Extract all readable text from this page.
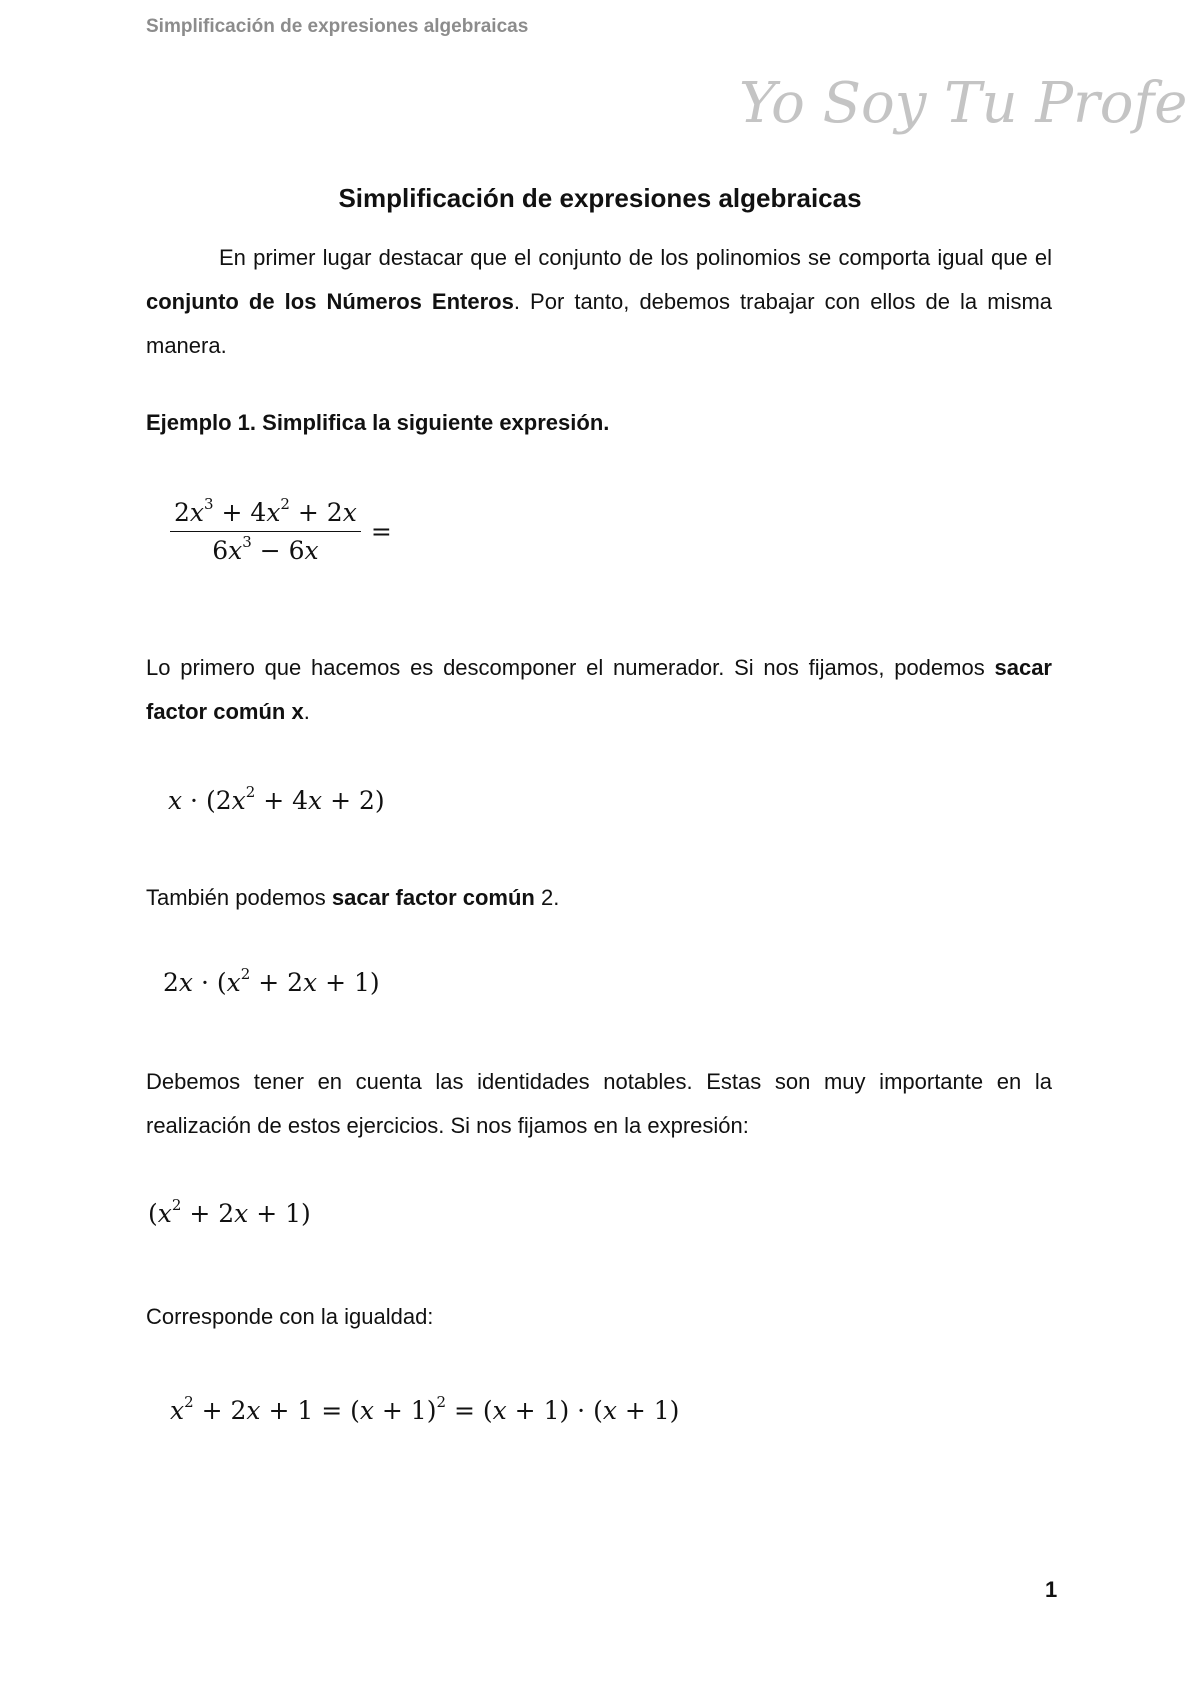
Simplificación de expresiones algebraicas
Yo Soy Tu Profe
Simplificación de expresiones algebraicas

En primer lugar destacar que el conjunto de los polinomios se comporta igual que el conjunto de los Números Enteros. Por tanto, debemos trabajar con ellos de la misma manera.

Ejemplo 1. Simplifica la siguiente expresión.
$\frac{2x^3 + 4x^2 + 2x}{6x^3 - 6x}$ =

Lo primero que hacemos es descomponer el numerador. Si nos fijamos, podemos sacar factor común x.

$x \cdot (2x^2 + 4x + 2)$

También podemos sacar factor común 2.

$2x \cdot (x^2 + 2x + 1)$

Debemos tener en cuenta las identidades notables. Estas son muy importante en la realización de estos ejercicios. Si nos fijamos en la expresión:

$(x^2 + 2x + 1)$

Corresponde con la igualdad:

$x^2 + 2x + 1 = (x + 1)^2 = (x + 1) \cdot (x + 1)$
1
